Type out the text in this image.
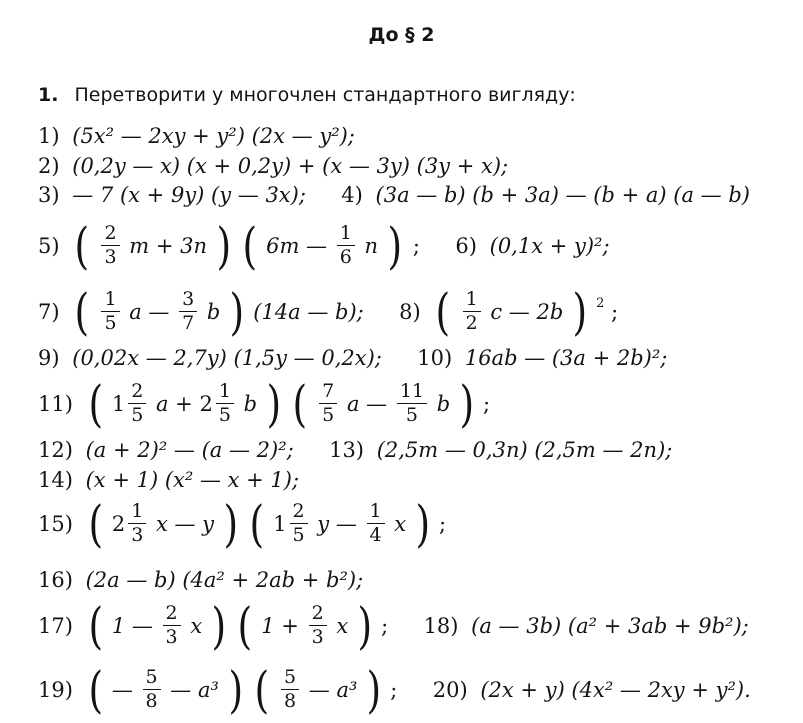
До § 2
1. Перетворити у многочлен стандартного вигляду:
1) (5x² — 2xy + y²) (2x — y²);
2) (0,2y — x) (x + 0,2y) + (x — 3y) (3y + x);
3) — 7 (x + 9y) (y — 3x); 4) (3a — b) (b + 3a) — (b + a) (a — b)
5) ( $\frac{2}{3}$ m + 3n ) ( 6m — $\frac{1}{6}$ n ) ; 6) (0,1x + y)²;
7) ( $\frac{1}{5}$ a — $\frac{3}{7}$ b ) (14a — b); 8) ( $\frac{1}{2}$ c — 2b ) 2 ;
9) (0,02x — 2,7y) (1,5y — 0,2x); 10) 16ab — (3a + 2b)²;
11) ( $1 \frac{2}{5}$ $a + 2 \frac{1}{5}$ b ) ( $\frac{7}{5}$ a — $\frac{11}{5}$ b ) ;
12) (a + 2)² — (a — 2)²; 13) (2,5m — 0,3n) (2,5m — 2n);
14) (x + 1) (x² — x + 1);
15) ( $2 \frac{1}{3}$ x — y ) ( $1 \frac{2}{5}$ y — $\frac{1}{4}$ x ) ;
16) (2a — b) (4a² + 2ab + b²);
17) ( 1 — $\frac{2}{3}$ x ) ( $1 + \frac{2}{3}$ x ) ; 18) (a — 3b) (a² + 3ab + 9b²);
19) ( — $\frac{5}{8}$ — a³ ) ( $\frac{5}{8}$ — a³ ) ; 20) (2x + y) (4x² — 2xy + y²).
